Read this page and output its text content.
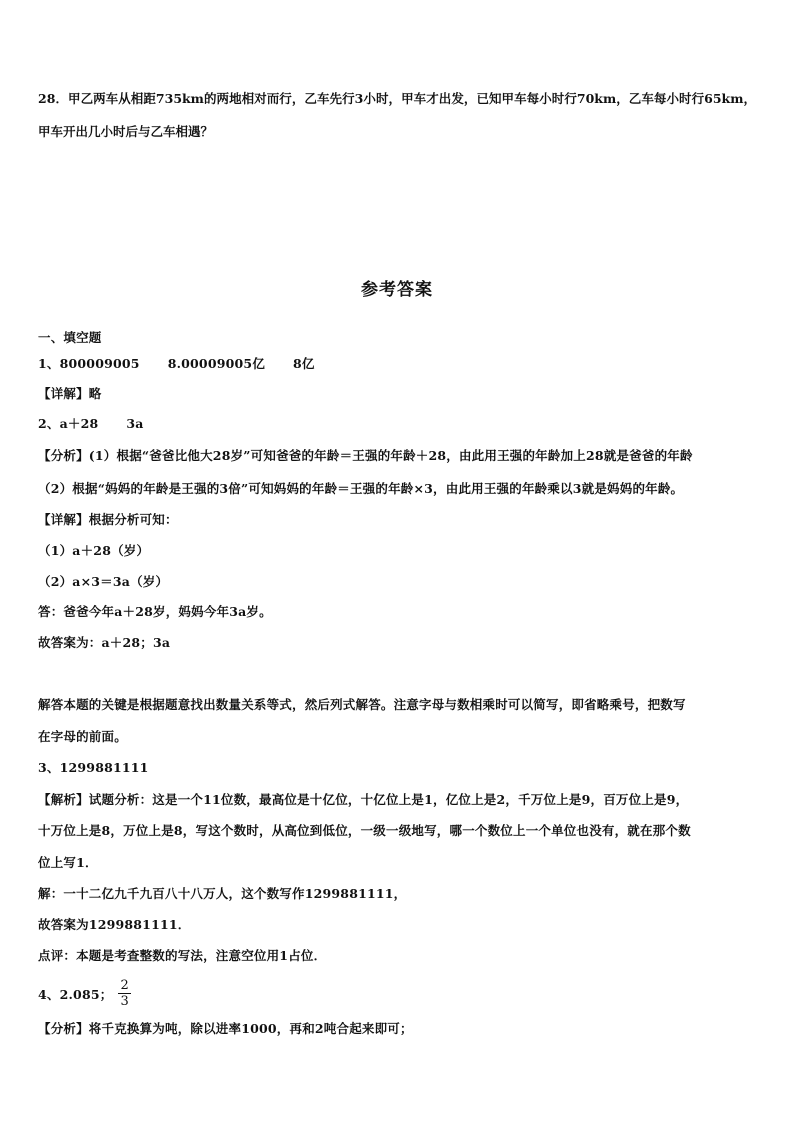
28．甲乙两车从相距735km的两地相对而行，乙车先行3小时，甲车才出发，已知甲车每小时行70km，乙车每小时行65km，甲车开出几小时后与乙车相遇？
参考答案
一、填空题
1、800009005 8.00009005亿 8亿
【详解】略
2、a＋28 3a
【分析】(1）根据“爸爸比他大28岁”可知爸爸的年龄＝王强的年龄＋28，由此用王强的年龄加上28就是爸爸的年龄
（2）根据“妈妈的年龄是王强的3倍”可知妈妈的年龄＝王强的年龄×3，由此用王强的年龄乘以3就是妈妈的年龄。
【详解】根据分析可知：
（1）a＋28（岁）
（2）a×3＝3a（岁）
答：爸爸今年a＋28岁，妈妈今年3a岁。
故答案为：a＋28；3a
解答本题的关键是根据题意找出数量关系等式，然后列式解答。注意字母与数相乘时可以简写，即省略乘号，把数写
在字母的前面。
3、1299881111
【解析】试题分析：这是一个11位数，最高位是十亿位，十亿位上是1，亿位上是2，千万位上是9，百万位上是9，
十万位上是8，万位上是8，写这个数时，从高位到低位，一级一级地写，哪一个数位上一个单位也没有，就在那个数
位上写1．
解：一十二亿九千九百八十八万人，这个数写作1299881111，
故答案为1299881111．
点评：本题是考查整数的写法，注意空位用1占位．
4、2.085； $\frac{2}{3}$
【分析】将千克换算为吨，除以进率1000，再和2吨合起来即可；
